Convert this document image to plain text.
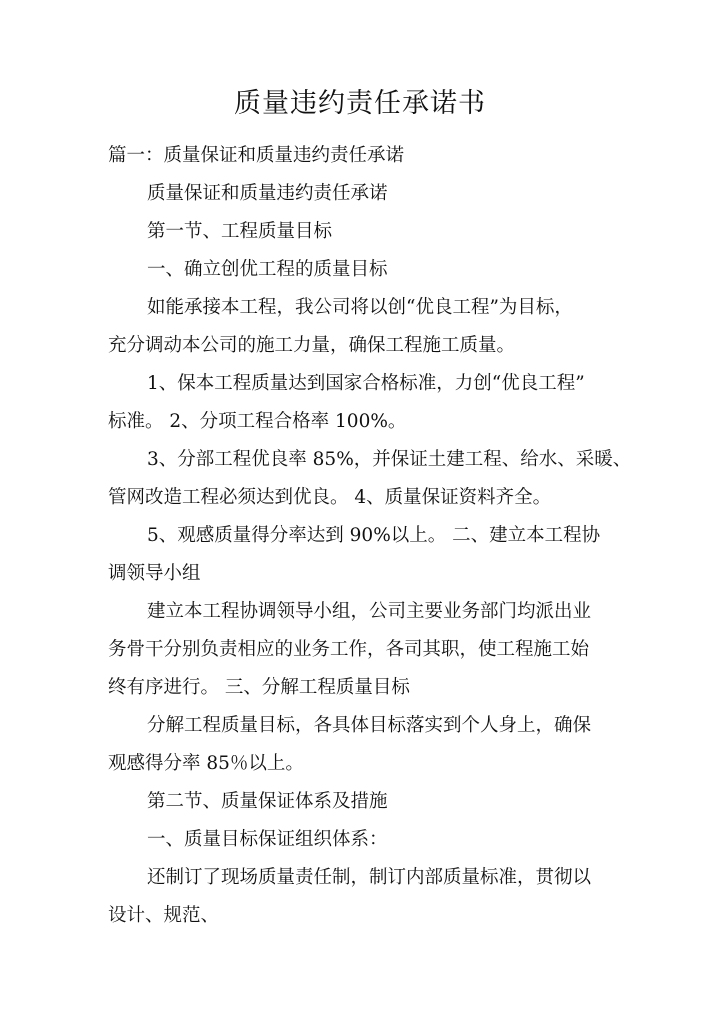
质量违约责任承诺书
篇一：质量保证和质量违约责任承诺
质量保证和质量违约责任承诺
第一节、工程质量目标
一、确立创优工程的质量目标
如能承接本工程，我公司将以创“优良工程”为目标，
充分调动本公司的施工力量，确保工程施工质量。
1、保本工程质量达到国家合格标准，力创“优良工程”
标准。 2、分项工程合格率 100%。
3、分部工程优良率 85%，并保证土建工程、给水、采暖、
管网改造工程必须达到优良。 4、质量保证资料齐全。
5、观感质量得分率达到 90%以上。 二、建立本工程协
调领导小组
建立本工程协调领导小组，公司主要业务部门均派出业
务骨干分别负责相应的业务工作，各司其职，使工程施工始
终有序进行。 三、分解工程质量目标
分解工程质量目标，各具体目标落实到个人身上，确保
观感得分率 85％以上。
第二节、质量保证体系及措施
一、质量目标保证组织体系：
还制订了现场质量责任制，制订内部质量标准，贯彻以
设计、规范、
